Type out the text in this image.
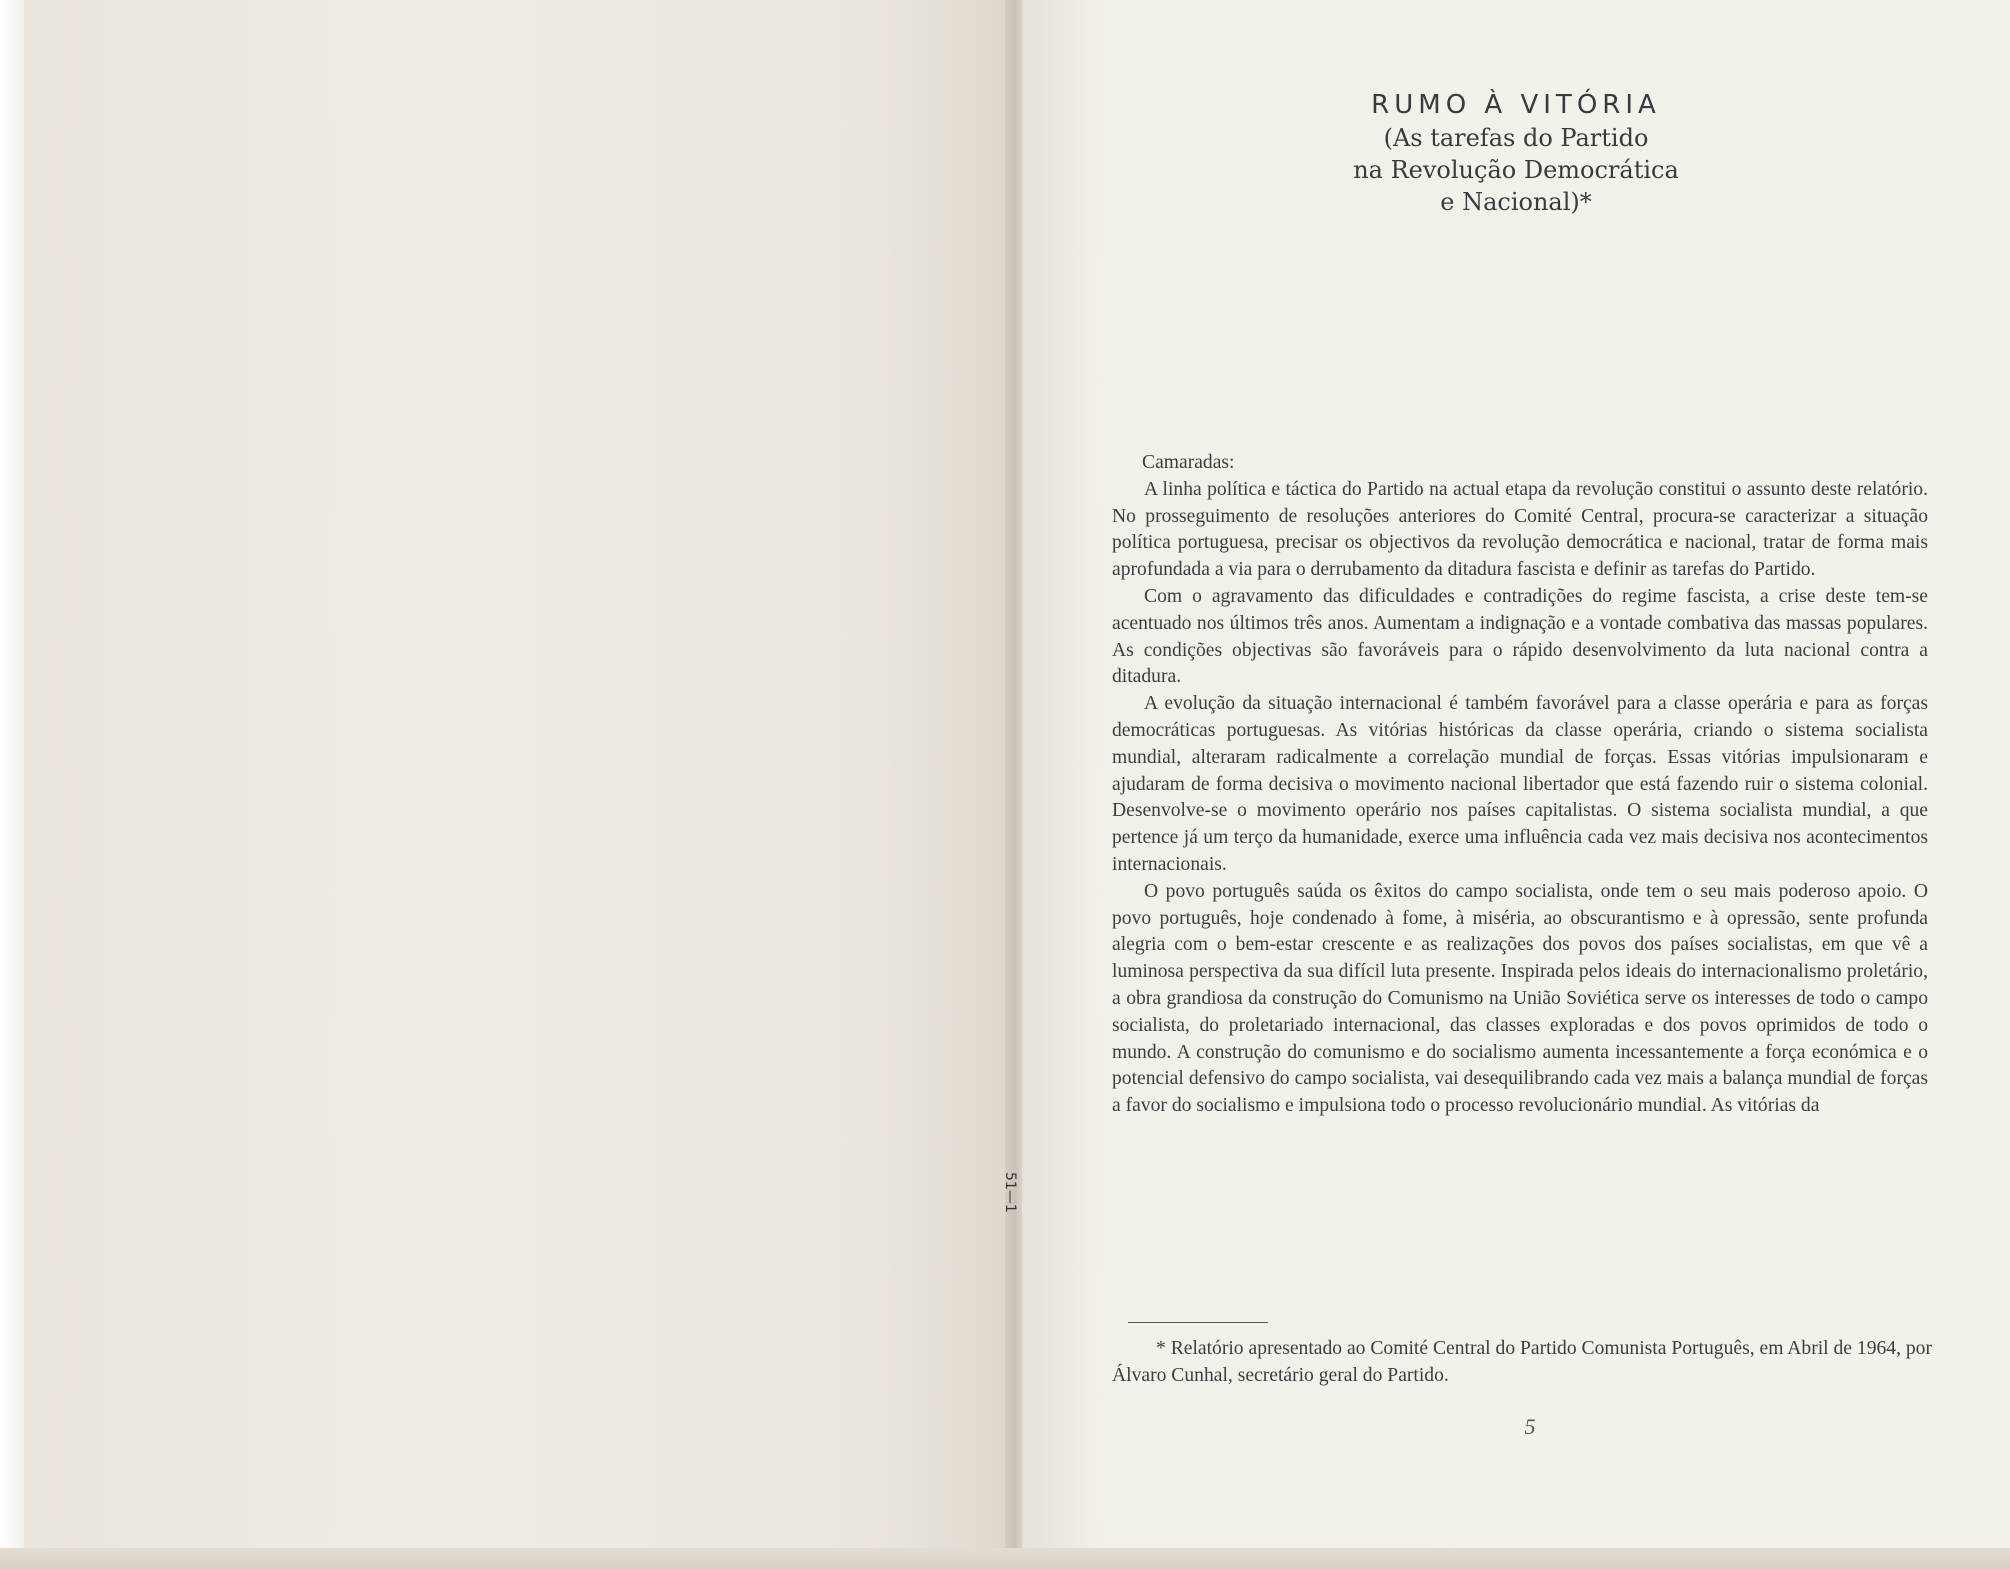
51—1
RUMO À VITÓRIA

(As tarefas do Partido

na Revolução Democrática

e Nacional)*

Camaradas:

A linha política e táctica do Partido na actual etapa da revolução constitui o assunto deste relatório. No prosseguimento de resoluções anteriores do Comité Central, procura-se caracterizar a situação política portuguesa, precisar os objectivos da revolução democrática e nacional, tratar de forma mais aprofundada a via para o derrubamento da ditadura fascista e definir as tarefas do Partido.

Com o agravamento das dificuldades e contradições do regime fascista, a crise deste tem-se acentuado nos últimos três anos. Aumentam a indignação e a vontade combativa das massas populares. As condições objectivas são favoráveis para o rápido desenvolvimento da luta nacional contra a ditadura.

A evolução da situação internacional é também favorável para a classe operária e para as forças democráticas portuguesas. As vitórias históricas da classe operária, criando o sistema socialista mundial, alteraram radicalmente a correlação mundial de forças. Essas vitórias impulsionaram e ajudaram de forma decisiva o movimento nacional libertador que está fazendo ruir o sistema colonial. Desenvolve-se o movimento operário nos países capitalistas. O sistema socialista mundial, a que pertence já um terço da humanidade, exerce uma influência cada vez mais decisiva nos acontecimentos internacionais.

O povo português saúda os êxitos do campo socialista, onde tem o seu mais poderoso apoio. O povo português, hoje condenado à fome, à miséria, ao obscurantismo e à opressão, sente profunda alegria com o bem-estar crescente e as realizações dos povos dos países socialistas, em que vê a luminosa perspectiva da sua difícil luta presente. Inspirada pelos ideais do internacionalismo proletário, a obra grandiosa da construção do Comunismo na União Soviética serve os interesses de todo o campo socialista, do proletariado internacional, das classes exploradas e dos povos oprimidos de todo o mundo. A construção do comunismo e do socialismo aumenta incessantemente a força económica e o potencial defensivo do campo socialista, vai desequilibrando cada vez mais a balança mundial de forças a favor do socialismo e impulsiona todo o processo revolucionário mundial. As vitórias da

* Relatório apresentado ao Comité Central do Partido Comunista Português, em Abril de 1964, por Álvaro Cunhal, secretário geral do Partido.

5
